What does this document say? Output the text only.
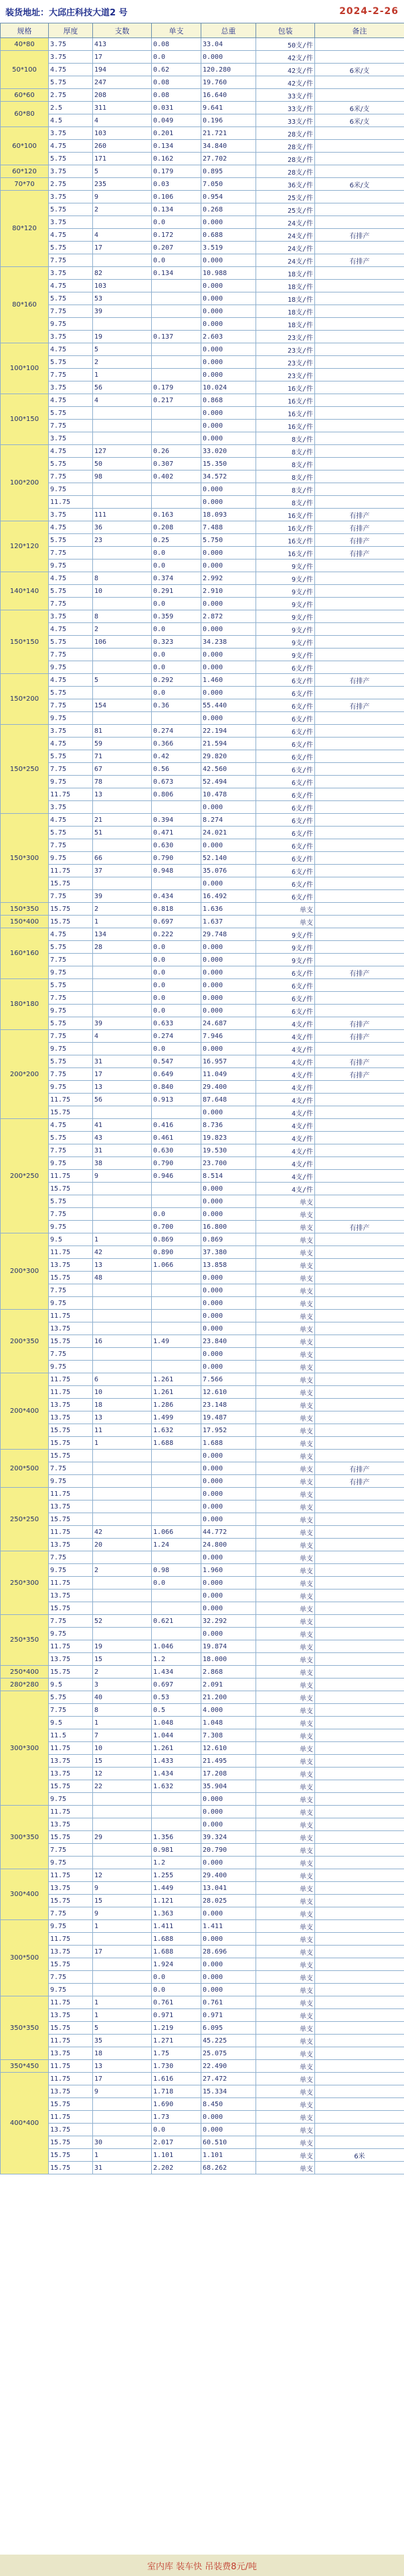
装货地址：大邱庄科技大道2 号	2024-2-26
规格	厚度	支数	单支	总重	包装	备注
40*80	3.75	413	0.08	33.04	50支/件	
50*100	3.75	17	0.0	0.000	42支/件	
	4.75	194	0.62	120.280	42支/件	6米/支
	5.75	247	0.08	19.760	42支/件	
60*60	2.75	208	0.08	16.640	33支/件	
60*80	2.5	311	0.031	9.641	33支/件	6米/支
	4.5	4	0.049	0.196	33支/件	6米/支
60*100	3.75	103	0.201	21.721	28支/件	
	4.75	260	0.134	34.840	28支/件	
	5.75	171	0.162	27.702	28支/件	
60*120	3.75	5	0.179	0.895	28支/件	
70*70	2.75	235	0.03	7.050	36支/件	6米/支
80*120	3.75	9	0.106	0.954	25支/件	
	5.75	2	0.134	0.268	25支/件	
	3.75		0.0	0.000	24支/件	
	4.75	4	0.172	0.688	24支/件	有排产
	5.75	17	0.207	3.519	24支/件	
	7.75		0.0	0.000	24支/件	有排产
80*160	3.75	82	0.134	10.988	18支/件	
	4.75	103		0.000	18支/件	
	5.75	53		0.000	18支/件	
	7.75	39		0.000	18支/件	
	9.75			0.000	18支/件	
	3.75	19	0.137	2.603	23支/件	
100*100	4.75	5		0.000	23支/件	
	5.75	2		0.000	23支/件	
	7.75	1		0.000	23支/件	
	3.75	56	0.179	10.024	16支/件	
100*150	4.75	4	0.217	0.868	16支/件	
	5.75			0.000	16支/件	
	7.75			0.000	16支/件	
	3.75			0.000	8支/件	
100*200	4.75	127	0.26	33.020	8支/件	
	5.75	50	0.307	15.350	8支/件	
	7.75	98	0.402	34.572	8支/件	
	9.75			0.000	8支/件	
	11.75			0.000	8支/件	
	3.75	111	0.163	18.093	16支/件	有排产
120*120	4.75	36	0.208	7.488	16支/件	有排产
	5.75	23	0.25	5.750	16支/件	有排产
	7.75		0.0	0.000	16支/件	有排产
	9.75		0.0	0.000	9支/件	
140*140	4.75	8	0.374	2.992	9支/件	
	5.75	10	0.291	2.910	9支/件	
	7.75		0.0	0.000	9支/件	
150*150	3.75	8	0.359	2.872	9支/件	
	4.75	2	0.0	0.000	9支/件	
	5.75	106	0.323	34.238	9支/件	
	7.75		0.0	0.000	9支/件	
	9.75		0.0	0.000	6支/件	
150*200	4.75	5	0.292	1.460	6支/件	有排产
	5.75		0.0	0.000	6支/件	
	7.75	154	0.36	55.440	6支/件	有排产
	9.75			0.000	6支/件	
150*250	3.75	81	0.274	22.194	6支/件	
	4.75	59	0.366	21.594	6支/件	
	5.75	71	0.42	29.820	6支/件	
	7.75	67	0.56	42.560	6支/件	
	9.75	78	0.673	52.494	6支/件	
	11.75	13	0.806	10.478	6支/件	
	3.75			0.000	6支/件	
150*300	4.75	21	0.394	8.274	6支/件	
	5.75	51	0.471	24.021	6支/件	
	7.75		0.630	0.000	6支/件	
	9.75	66	0.790	52.140	6支/件	
	11.75	37	0.948	35.076	6支/件	
	15.75			0.000	6支/件	
	7.75	39	0.434	16.492	6支/件	
150*350	15.75	2	0.818	1.636	单支	
150*400	15.75	1	0.697	1.637	单支	
160*160	4.75	134	0.222	29.748	9支/件	
	5.75	28	0.0	0.000	9支/件	
	7.75		0.0	0.000	9支/件	
	9.75		0.0	0.000	6支/件	有排产
180*180	5.75		0.0	0.000	6支/件	
	7.75		0.0	0.000	6支/件	
	9.75		0.0	0.000	6支/件	
	5.75	39	0.633	24.687	4支/件	有排产
200*200	7.75	4	0.274	7.946	4支/件	有排产
	9.75		0.0	0.000	4支/件	
	5.75	31	0.547	16.957	4支/件	有排产
	7.75	17	0.649	11.049	4支/件	有排产
	9.75	13	0.840	29.400	4支/件	
	11.75	56	0.913	87.648	4支/件	
	15.75			0.000	4支/件	
200*250	4.75	41	0.416	8.736	4支/件	
	5.75	43	0.461	19.823	4支/件	
	7.75	31	0.630	19.530	4支/件	
	9.75	38	0.790	23.700	4支/件	
	11.75	9	0.946	8.514	4支/件	
	15.75			0.000	4支/件	
	5.75			0.000	单支	
	7.75		0.0	0.000	单支	
	9.75		0.700	16.800	单支	有排产
200*300	9.5	1	0.869	0.869	单支	
	11.75	42	0.890	37.380	单支	
	13.75	13	1.066	13.858	单支	
	15.75	48		0.000	单支	
	7.75			0.000	单支	
	9.75			0.000	单支	
200*350	11.75			0.000	单支	
	13.75			0.000	单支	
	15.75	16	1.49	23.840	单支	
	7.75			0.000	单支	
	9.75			0.000	单支	
200*400	11.75	6	1.261	7.566	单支	
	11.75	10	1.261	12.610	单支	
	13.75	18	1.286	23.148	单支	
	13.75	13	1.499	19.487	单支	
	15.75	11	1.632	17.952	单支	
	15.75	1	1.688	1.688	单支	
200*500	15.75			0.000	单支	
	7.75			0.000	单支	有排产
	9.75			0.000	单支	有排产
250*250	11.75			0.000	单支	
	13.75			0.000	单支	
	15.75			0.000	单支	
	11.75	42	1.066	44.772	单支	
	13.75	20	1.24	24.800	单支	
250*300	7.75			0.000	单支	
	9.75	2	0.98	1.960	单支	
	11.75		0.0	0.000	单支	
	13.75			0.000	单支	
	15.75			0.000	单支	
250*350	7.75	52	0.621	32.292	单支	
	9.75			0.000	单支	
	11.75	19	1.046	19.874	单支	
	13.75	15	1.2	18.000	单支	
250*400	15.75	2	1.434	2.868	单支	
280*280	9.5	3	0.697	2.091	单支	
300*300	5.75	40	0.53	21.200	单支	
	7.75	8	0.5	4.000	单支	
	9.5	1	1.048	1.048	单支	
	11.5	7	1.044	7.308	单支	
	11.75	10	1.261	12.610	单支	
	13.75	15	1.433	21.495	单支	
	13.75	12	1.434	17.208	单支	
	15.75	22	1.632	35.904	单支	
	9.75			0.000	单支	
300*350	11.75			0.000	单支	
	13.75			0.000	单支	
	15.75	29	1.356	39.324	单支	
	7.75		0.981	20.790	单支	
	9.75		1.2	0.000	单支	
300*400	11.75	12	1.255	29.400	单支	
	13.75	9	1.449	13.041	单支	
	15.75	15	1.121	28.025	单支	
	7.75	9	1.363	0.000	单支	
300*500	9.75	1	1.411	1.411	单支	
	11.75		1.688	0.000	单支	
	13.75	17	1.688	28.696	单支	
	15.75		1.924	0.000	单支	
	7.75		0.0	0.000	单支	
	9.75		0.0	0.000	单支	
350*350	11.75	1	0.761	0.761	单支	
	13.75	1	0.971	0.971	单支	
	15.75	5	1.219	6.095	单支	
	11.75	35	1.271	45.225	单支	
	13.75	18	1.75	25.075	单支	
350*450	11.75	13	1.730	22.490	单支	
400*400	11.75	17	1.616	27.472	单支	
	13.75	9	1.718	15.334	单支	
	15.75		1.690	8.450	单支	
	11.75		1.73	0.000	单支	
	13.75		0.0	0.000	单支	
	15.75	30	2.017	60.510	单支	
	15.75	1	1.101	1.101	单支	6米
	15.75	31	2.202	68.262	单支	
室内库 装车快 吊装费8元/吨
